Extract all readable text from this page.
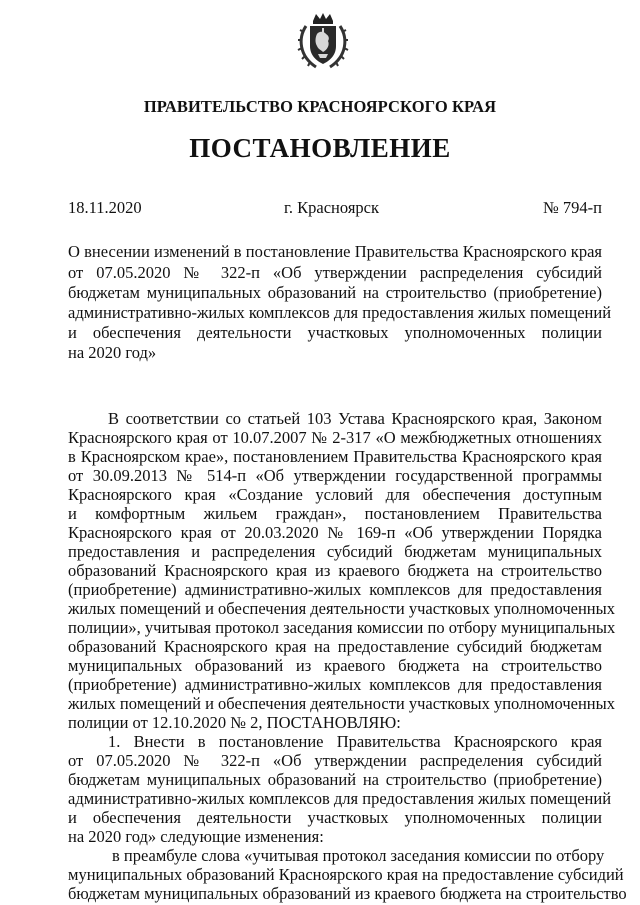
ПРАВИТЕЛЬСТВО КРАСНОЯРСКОГО КРАЯ
ПОСТАНОВЛЕНИЕ
18.11.2020	г. Красноярск	№ 794-п
О внесении изменений в постановление Правительства Красноярского края
от 07.05.2020 № 322-п «Об утверждении распределения субсидий
бюджетам муниципальных образований на строительство (приобретение)
административно-жилых комплексов для предоставления жилых помещений
и обеспечения деятельности участковых уполномоченных полиции
на 2020 год»
В соответствии со статьей 103 Устава Красноярского края, Законом
Красноярского края от 10.07.2007 № 2-317 «О межбюджетных отношениях
в Красноярском крае», постановлением Правительства Красноярского края
от 30.09.2013 № 514-п «Об утверждении государственной программы
Красноярского края «Создание условий для обеспечения доступным
и комфортным жильем граждан», постановлением Правительства
Красноярского края от 20.03.2020 № 169-п «Об утверждении Порядка
предоставления и распределения субсидий бюджетам муниципальных
образований Красноярского края из краевого бюджета на строительство
(приобретение) административно-жилых комплексов для предоставления
жилых помещений и обеспечения деятельности участковых уполномоченных
полиции», учитывая протокол заседания комиссии по отбору муниципальных
образований Красноярского края на предоставление субсидий бюджетам
муниципальных образований из краевого бюджета на строительство
(приобретение) административно-жилых комплексов для предоставления
жилых помещений и обеспечения деятельности участковых уполномоченных
полиции от 12.10.2020 № 2, ПОСТАНОВЛЯЮ:
1. Внести в постановление Правительства Красноярского края
от 07.05.2020 № 322-п «Об утверждении распределения субсидий
бюджетам муниципальных образований на строительство (приобретение)
административно-жилых комплексов для предоставления жилых помещений
и обеспечения деятельности участковых уполномоченных полиции
на 2020 год» следующие изменения:
в преамбуле слова «учитывая протокол заседания комиссии по отбору
муниципальных образований Красноярского края на предоставление субсидий
бюджетам муниципальных образований из краевого бюджета на строительство
